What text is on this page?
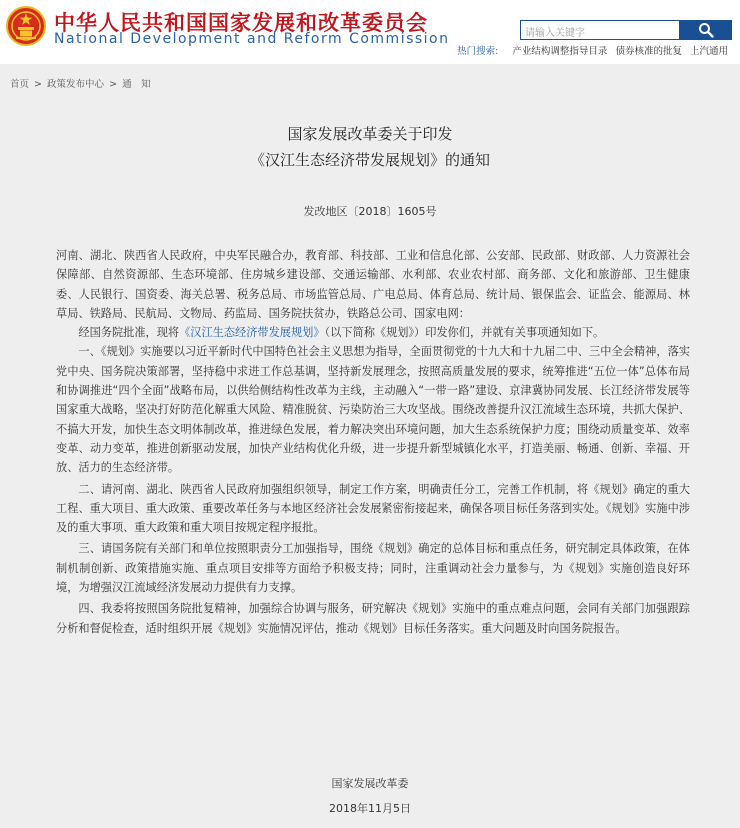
中华人民共和国国家发展和改革委员会
National Development and Reform Commission	请输入关键字
热门搜索: 产业结构调整指导目录 债券核准的批复 上汽通用
首页 > 政策发布中心 > 通　知
国家发展改革委关于印发
《汉江生态经济带发展规划》的通知
发改地区〔2018〕1605号

河南、湖北、陕西省人民政府，中央军民融合办，教育部、科技部、工业和信息化部、公安部、民政部、财政部、人力资源社会保障部、自然资源部、生态环境部、住房城乡建设部、交通运输部、水利部、农业农村部、商务部、文化和旅游部、卫生健康委、人民银行、国资委、海关总署、税务总局、市场监管总局、广电总局、体育总局、统计局、银保监会、证监会、能源局、林草局、铁路局、民航局、文物局、药监局、国务院扶贫办，铁路总公司、国家电网：

经国务院批准，现将《汉江生态经济带发展规划》（以下简称《规划》）印发你们，并就有关事项通知如下。

一、《规划》实施要以习近平新时代中国特色社会主义思想为指导，全面贯彻党的十九大和十九届二中、三中全会精神，落实党中央、国务院决策部署，坚持稳中求进工作总基调，坚持新发展理念，按照高质量发展的要求，统筹推进“五位一体”总体布局和协调推进“四个全面”战略布局，以供给侧结构性改革为主线，主动融入“一带一路”建设、京津冀协同发展、长江经济带发展等国家重大战略，坚决打好防范化解重大风险、精准脱贫、污染防治三大攻坚战。围绕改善提升汉江流域生态环境，共抓大保护、不搞大开发，加快生态文明体制改革，推进绿色发展，着力解决突出环境问题，加大生态系统保护力度；围绕动质量变革、效率变革、动力变革，推进创新驱动发展，加快产业结构优化升级，进一步提升新型城镇化水平，打造美丽、畅通、创新、幸福、开放、活力的生态经济带。

二、请河南、湖北、陕西省人民政府加强组织领导，制定工作方案，明确责任分工，完善工作机制，将《规划》确定的重大工程、重大项目、重大政策、重要改革任务与本地区经济社会发展紧密衔接起来，确保各项目标任务落到实处。《规划》实施中涉及的重大事项、重大政策和重大项目按规定程序报批。

三、请国务院有关部门和单位按照职责分工加强指导，围绕《规划》确定的总体目标和重点任务，研究制定具体政策，在体制机制创新、政策措施实施、重点项目安排等方面给予积极支持；同时，注重调动社会力量参与，为《规划》实施创造良好环境，为增强汉江流域经济发展动力提供有力支撑。

四、我委将按照国务院批复精神，加强综合协调与服务，研究解决《规划》实施中的重点难点问题，会同有关部门加强跟踪分析和督促检查，适时组织开展《规划》实施情况评估，推动《规划》目标任务落实。重大问题及时向国务院报告。

国家发展改革委
2018年11月5日
